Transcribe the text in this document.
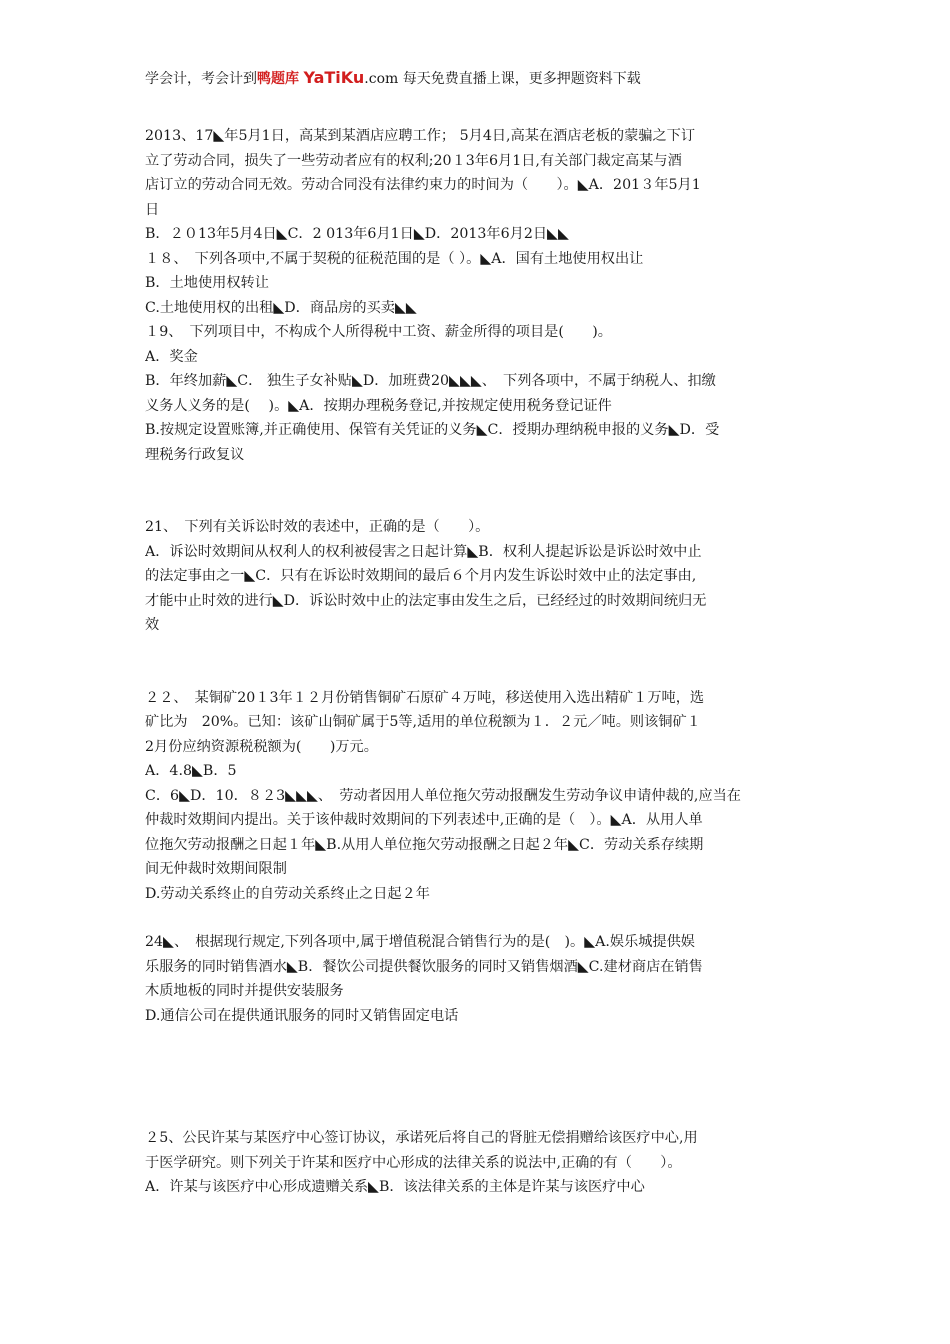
学会计，考会计到鸭题库 YaTiKu.com 每天免费直播上课，更多押题资料下载
2013、17◣年5月1日，高某到某酒店应聘工作； 5月4日,高某在酒店老板的蒙骗之下订
立了劳动合同，损失了一些劳动者应有的权利;20１3年6月1日,有关部门裁定高某与酒
店订立的劳动合同无效。劳动合同没有法律约束力的时间为（　　）。◣A．201３年5月1
日
B．２０13年5月4日◣C．2 013年6月1日◣D．2013年6月2日◣◣
１８、　下列各项中,不属于契税的征税范围的是（ ）。◣A．国有土地使用权出让
B．土地使用权转让
C.土地使用权的出租◣D．商品房的买卖◣◣
１9、　下列项目中，不构成个人所得税中工资、薪金所得的项目是(　　)。
A．奖金
B．年终加薪◣C． 独生子女补贴◣D．加班费20◣◣◣、　下列各项中，不属于纳税人、扣缴
义务人义务的是(　 )。◣A．按期办理税务登记,并按规定使用税务登记证件
B.按规定设置账簿,并正确使用、保管有关凭证的义务◣C．授期办理纳税申报的义务◣D．受
理税务行政复议
21、　下列有关诉讼时效的表述中，正确的是（　　）。
A．诉讼时效期间从权利人的权利被侵害之日起计算◣B．权利人提起诉讼是诉讼时效中止
的法定事由之一◣C．只有在诉讼时效期间的最后６个月内发生诉讼时效中止的法定事由,
才能中止时效的进行◣D．诉讼时效中止的法定事由发生之后，已经经过的时效期间统归无
效
２２、　某铜矿20１3年１２月份销售铜矿石原矿４万吨，移送使用入选出精矿１万吨，选
矿比为　20%。已知：该矿山铜矿属于5等,适用的单位税额为１．２元／吨。则该铜矿１
2月份应纳资源税税额为(　　)万元。
A．4.8◣B．5
C．6◣D．10．８２3◣◣◣、　劳动者因用人单位拖欠劳动报酬发生劳动争议申请仲裁的,应当在
仲裁时效期间内提出。关于该仲裁时效期间的下列表述中,正确的是（　）。◣A．从用人单
位拖欠劳动报酬之日起１年◣B.从用人单位拖欠劳动报酬之日起２年◣C．劳动关系存续期
间无仲裁时效期间限制
D.劳动关系终止的自劳动关系终止之日起２年
24◣、　根据现行规定,下列各项中,属于增值税混合销售行为的是(　)。◣A.娱乐城提供娱
乐服务的同时销售酒水◣B．餐饮公司提供餐饮服务的同时又销售烟酒◣C.建材商店在销售
木质地板的同时并提供安装服务
D.通信公司在提供通讯服务的同时又销售固定电话
２5、公民许某与某医疗中心签订协议，承诺死后将自己的肾脏无偿捐赠给该医疗中心,用
于医学研究。则下列关于许某和医疗中心形成的法律关系的说法中,正确的有（　　）。
A．许某与该医疗中心形成遗赠关系◣B．该法律关系的主体是许某与该医疗中心
